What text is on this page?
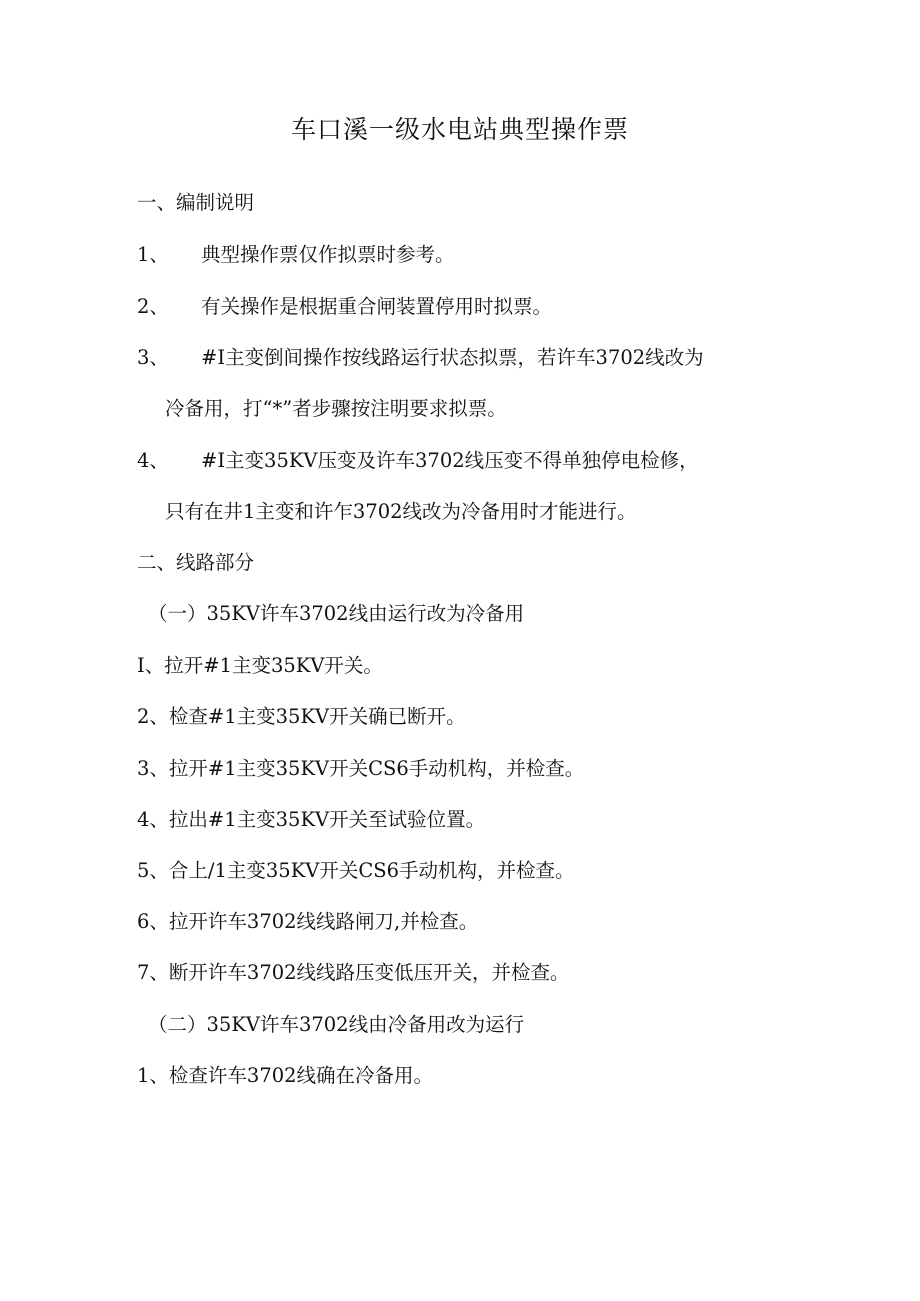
车口溪一级水电站典型操作票
一、编制说明
1、 典型操作票仅作拟票时参考。
2、 有关操作是根据重合闸装置停用时拟票。
3、 #I主变倒间操作按线路运行状态拟票，若许车3702线改为
冷备用，打“*”者步骤按注明要求拟票。
4、 #I主变35KV压变及许车3702线压变不得单独停电检修，
只有在井1主变和许乍3702线改为冷备用时才能进行。
二、线路部分
（一）35KV许车3702线由运行改为冷备用
I、拉开#1主变35KV开关。
2、检查#1主变35KV开关确已断开。
3、拉开#1主变35KV开关CS6手动机构，并检查。
4、拉出#1主变35KV开关至试验位置。
5、合上/1主变35KV开关CS6手动机构，并检查。
6、拉开许车3702线线路闸刀,并检查。
7、断开许车3702线线路压变低压开关，并检查。
（二）35KV许车3702线由冷备用改为运行
1、检查许车3702线确在冷备用。
